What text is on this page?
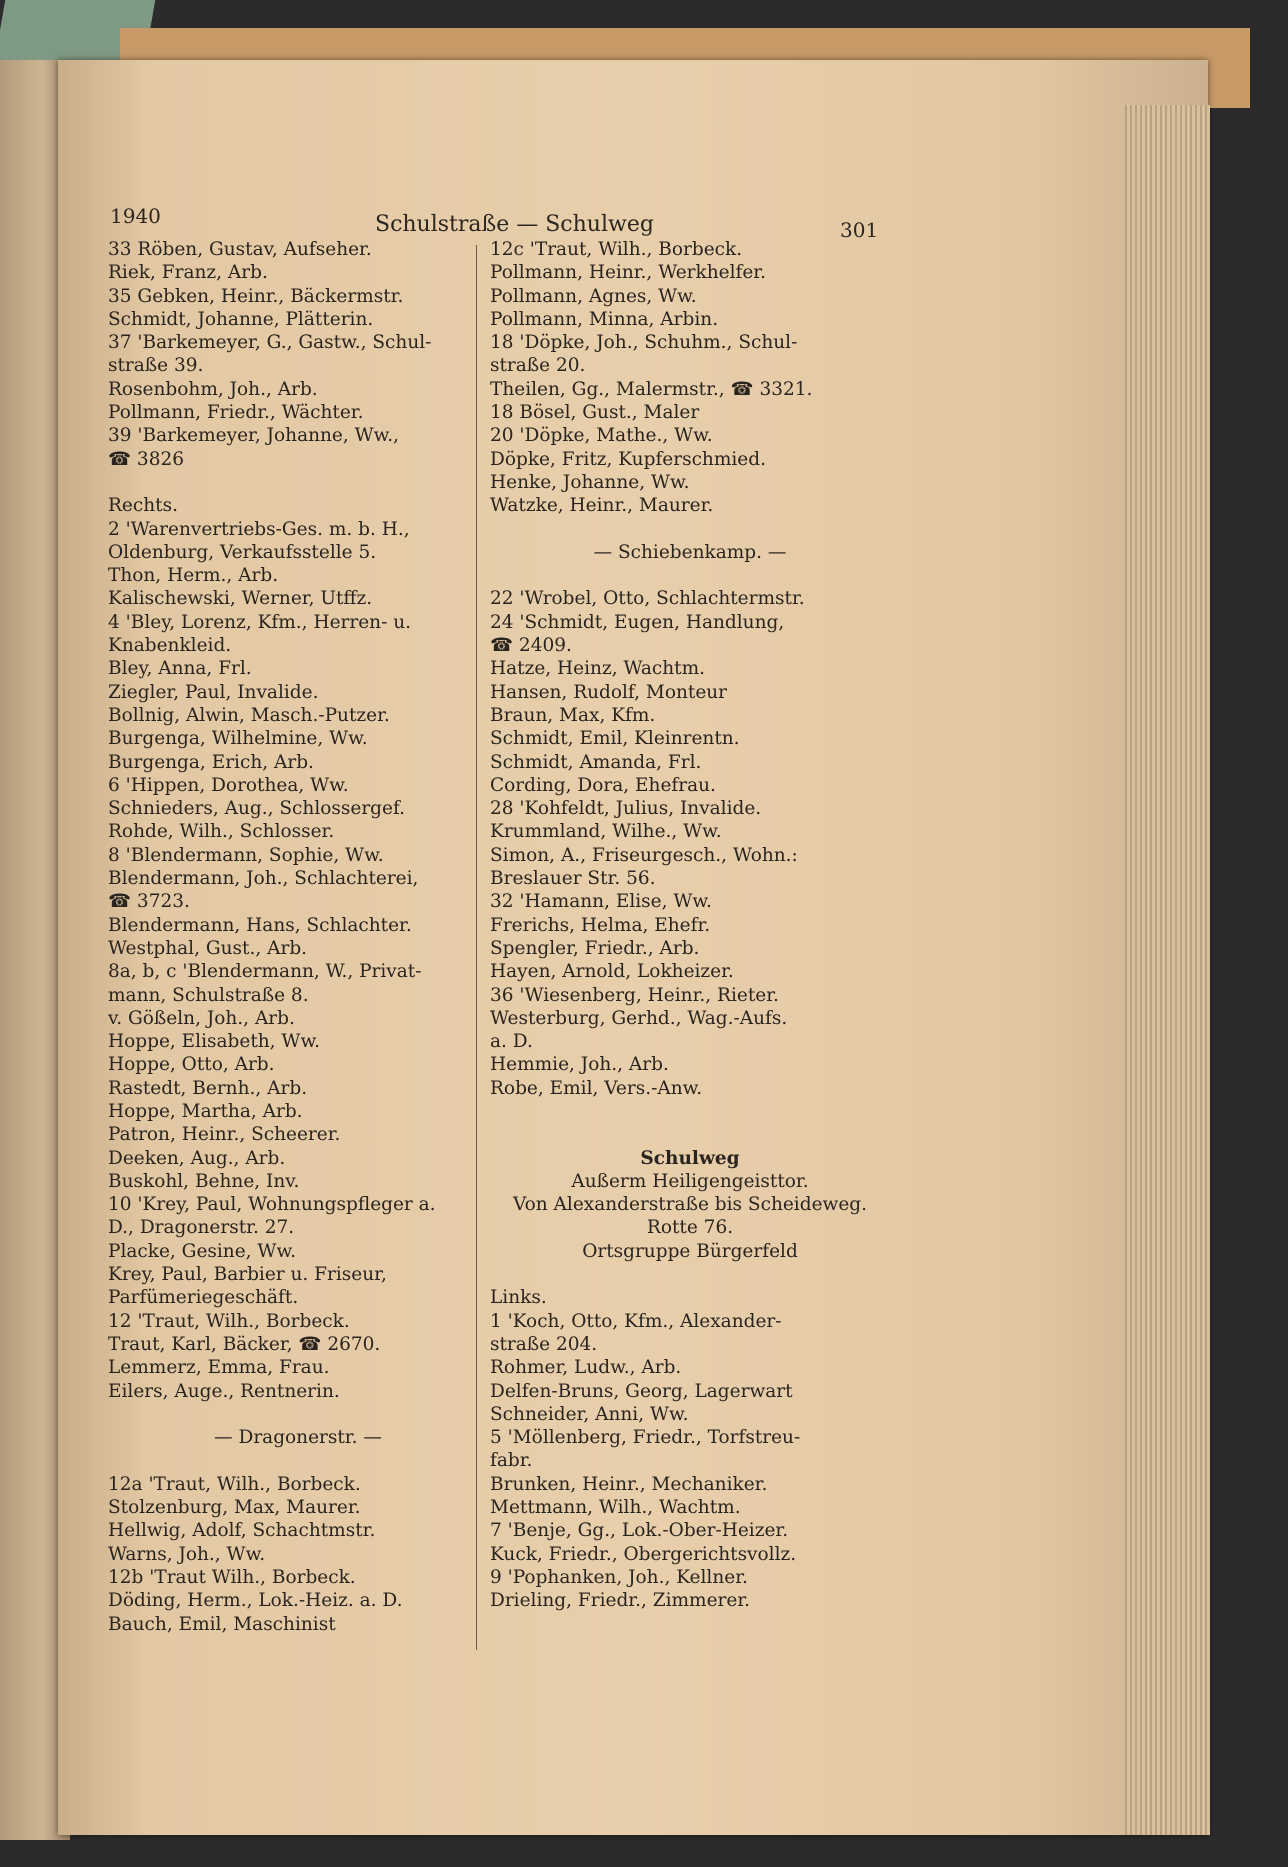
1940	Schulstraße — Schulweg	301
33 Röben, Gustav, Aufseher.
Riek, Franz, Arb.
35 Gebken, Heinr., Bäckermstr.
Schmidt, Johanne, Plätterin.
37 'Barkemeyer, G., Gastw., Schul-
straße 39.
Rosenbohm, Joh., Arb.
Pollmann, Friedr., Wächter.
39 'Barkemeyer, Johanne, Ww.,
☎ 3826

Rechts.
2 'Warenvertriebs-Ges. m. b. H.,
Oldenburg, Verkaufsstelle 5.
Thon, Herm., Arb.
Kalischewski, Werner, Utffz.
4 'Bley, Lorenz, Kfm., Herren- u.
Knabenkleid.
Bley, Anna, Frl.
Ziegler, Paul, Invalide.
Bollnig, Alwin, Masch.-Putzer.
Burgenga, Wilhelmine, Ww.
Burgenga, Erich, Arb.
6 'Hippen, Dorothea, Ww.
Schnieders, Aug., Schlossergef.
Rohde, Wilh., Schlosser.
8 'Blendermann, Sophie, Ww.
Blendermann, Joh., Schlachterei,
☎ 3723.
Blendermann, Hans, Schlachter.
Westphal, Gust., Arb.
8a, b, c 'Blendermann, W., Privat-
mann, Schulstraße 8.
v. Gößeln, Joh., Arb.
Hoppe, Elisabeth, Ww.
Hoppe, Otto, Arb.
Rastedt, Bernh., Arb.
Hoppe, Martha, Arb.
Patron, Heinr., Scheerer.
Deeken, Aug., Arb.
Buskohl, Behne, Inv.
10 'Krey, Paul, Wohnungspfleger a.
D., Dragonerstr. 27.
Placke, Gesine, Ww.
Krey, Paul, Barbier u. Friseur,
Parfümeriegeschäft.
12 'Traut, Wilh., Borbeck.
Traut, Karl, Bäcker, ☎ 2670.
Lemmerz, Emma, Frau.
Eilers, Auge., Rentnerin.

— Dragonerstr. —

12a 'Traut, Wilh., Borbeck.
Stolzenburg, Max, Maurer.
Hellwig, Adolf, Schachtmstr.
Warns, Joh., Ww.
12b 'Traut Wilh., Borbeck.
Döding, Herm., Lok.-Heiz. a. D.
Bauch, Emil, Maschinist
12c 'Traut, Wilh., Borbeck.
Pollmann, Heinr., Werkhelfer.
Pollmann, Agnes, Ww.
Pollmann, Minna, Arbin.
18 'Döpke, Joh., Schuhm., Schul-
straße 20.
Theilen, Gg., Malermstr., ☎ 3321.
18 Bösel, Gust., Maler
20 'Döpke, Mathe., Ww.
Döpke, Fritz, Kupferschmied.
Henke, Johanne, Ww.
Watzke, Heinr., Maurer.

— Schiebenkamp. —

22 'Wrobel, Otto, Schlachtermstr.
24 'Schmidt, Eugen, Handlung,
☎ 2409.
Hatze, Heinz, Wachtm.
Hansen, Rudolf, Monteur
Braun, Max, Kfm.
Schmidt, Emil, Kleinrentn.
Schmidt, Amanda, Frl.
Cording, Dora, Ehefrau.
28 'Kohfeldt, Julius, Invalide.
Krummland, Wilhe., Ww.
Simon, A., Friseurgesch., Wohn.:
Breslauer Str. 56.
32 'Hamann, Elise, Ww.
Frerichs, Helma, Ehefr.
Spengler, Friedr., Arb.
Hayen, Arnold, Lokheizer.
36 'Wiesenberg, Heinr., Rieter.
Westerburg, Gerhd., Wag.-Aufs.
a. D.
Hemmie, Joh., Arb.
Robe, Emil, Vers.-Anw.

Schulweg
Außerm Heiligengeisttor.
Von Alexanderstraße bis Scheideweg.
Rotte 76.
Ortsgruppe Bürgerfeld

Links.
1 'Koch, Otto, Kfm., Alexander-
straße 204.
Rohmer, Ludw., Arb.
Delfen-Bruns, Georg, Lagerwart
Schneider, Anni, Ww.
5 'Möllenberg, Friedr., Torfstreu-
fabr.
Brunken, Heinr., Mechaniker.
Mettmann, Wilh., Wachtm.
7 'Benje, Gg., Lok.-Ober-Heizer.
Kuck, Friedr., Obergerichtsvollz.
9 'Pophanken, Joh., Kellner.
Drieling, Friedr., Zimmerer.
